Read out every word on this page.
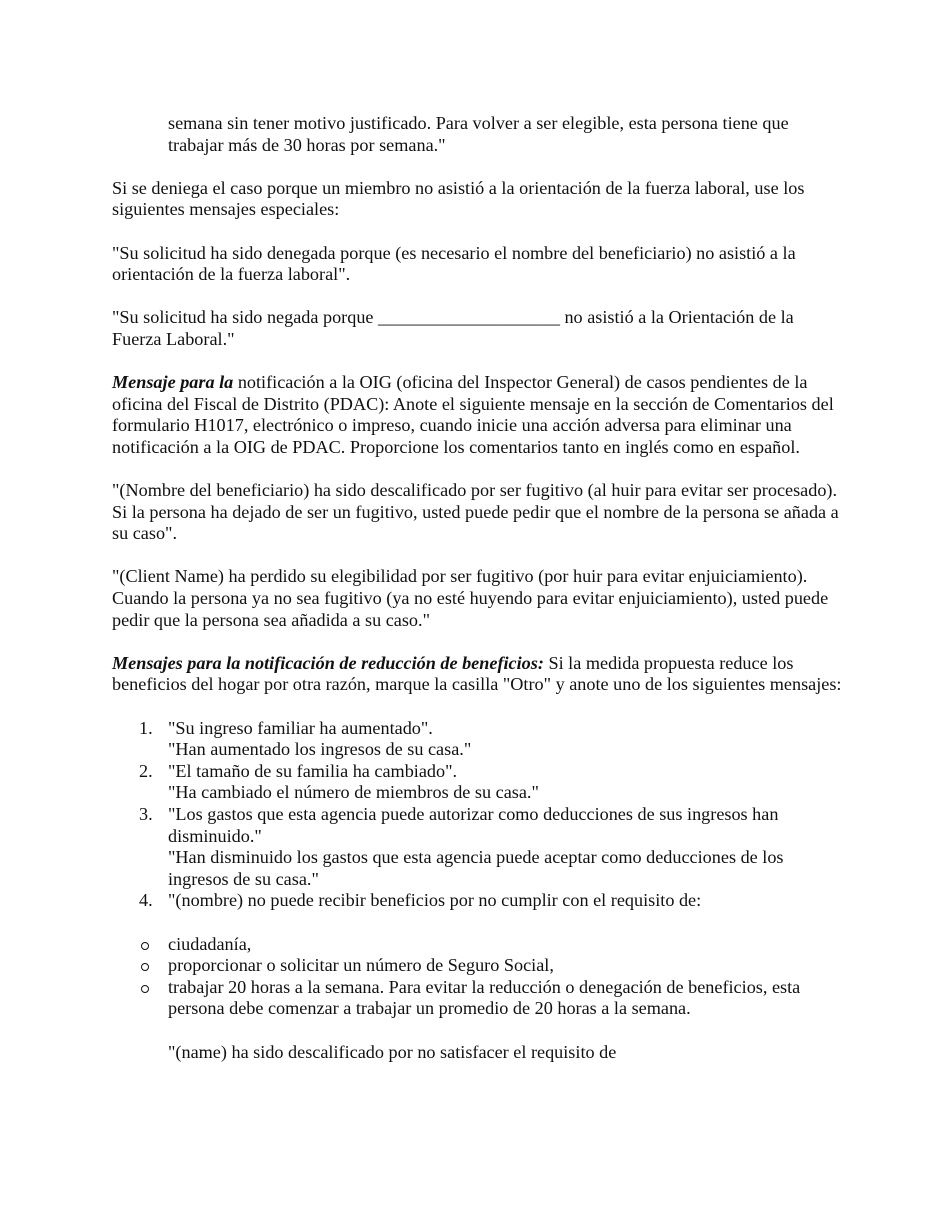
semana sin tener motivo justificado. Para volver a ser elegible, esta persona tiene que trabajar más de 30 horas por semana."

Si se deniega el caso porque un miembro no asistió a la orientación de la fuerza laboral, use los siguientes mensajes especiales:

"Su solicitud ha sido denegada porque (es necesario el nombre del beneficiario) no asistió a la orientación de la fuerza laboral".

"Su solicitud ha sido negada porque ____________________ no asistió a la Orientación de la Fuerza Laboral."

Mensaje para la notificación a la OIG (oficina del Inspector General) de casos pendientes de la oficina del Fiscal de Distrito (PDAC): Anote el siguiente mensaje en la sección de Comentarios del formulario H1017, electrónico o impreso, cuando inicie una acción adversa para eliminar una notificación a la OIG de PDAC. Proporcione los comentarios tanto en inglés como en español.

"(Nombre del beneficiario) ha sido descalificado por ser fugitivo (al huir para evitar ser procesado). Si la persona ha dejado de ser un fugitivo, usted puede pedir que el nombre de la persona se añada a su caso".

"(Client Name) ha perdido su elegibilidad por ser fugitivo (por huir para evitar enjuiciamiento). Cuando la persona ya no sea fugitivo (ya no esté huyendo para evitar enjuiciamiento), usted puede pedir que la persona sea añadida a su caso."

Mensajes para la notificación de reducción de beneficios: Si la medida propuesta reduce los beneficios del hogar por otra razón, marque la casilla "Otro" y anote uno de los siguientes mensajes:

1. "Su ingreso familiar ha aumentado".
"Han aumentado los ingresos de su casa."
2. "El tamaño de su familia ha cambiado".
"Ha cambiado el número de miembros de su casa."
3. "Los gastos que esta agencia puede autorizar como deducciones de sus ingresos han disminuido."
"Han disminuido los gastos que esta agencia puede aceptar como deducciones de los ingresos de su casa."
4. "(nombre) no puede recibir beneficios por no cumplir con el requisito de:
ciudadanía,
proporcionar o solicitar un número de Seguro Social,
trabajar 20 horas a la semana. Para evitar la reducción o denegación de beneficios, esta persona debe comenzar a trabajar un promedio de 20 horas a la semana.

"(name) ha sido descalificado por no satisfacer el requisito de
